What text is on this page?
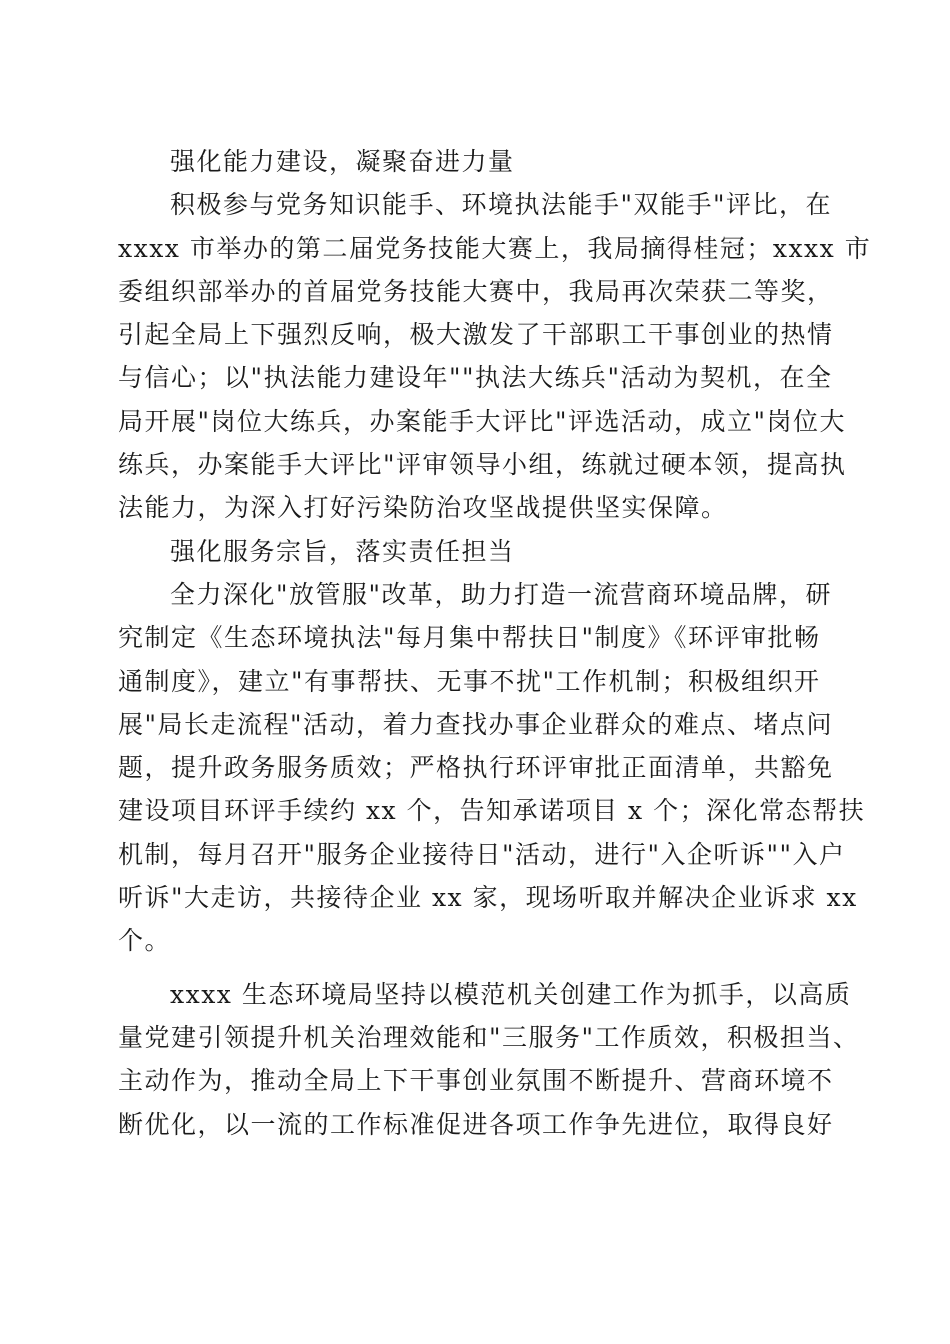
强化能力建设，凝聚奋进力量
积极参与党务知识能手、环境执法能手"双能手"评比，在
xxxx 市举办的第二届党务技能大赛上，我局摘得桂冠；xxxx 市
委组织部举办的首届党务技能大赛中，我局再次荣获二等奖，
引起全局上下强烈反响，极大激发了干部职工干事创业的热情
与信心；以"执法能力建设年""执法大练兵"活动为契机，在全
局开展"岗位大练兵，办案能手大评比"评选活动，成立"岗位大
练兵，办案能手大评比"评审领导小组，练就过硬本领，提高执
法能力，为深入打好污染防治攻坚战提供坚实保障。
强化服务宗旨，落实责任担当
全力深化"放管服"改革，助力打造一流营商环境品牌，研
究制定《生态环境执法"每月集中帮扶日"制度》《环评审批畅
通制度》，建立"有事帮扶、无事不扰"工作机制；积极组织开
展"局长走流程"活动，着力查找办事企业群众的难点、堵点问
题，提升政务服务质效；严格执行环评审批正面清单，共豁免
建设项目环评手续约 xx 个，告知承诺项目 x 个；深化常态帮扶
机制，每月召开"服务企业接待日"活动，进行"入企听诉""入户
听诉"大走访，共接待企业 xx 家，现场听取并解决企业诉求 xx
个。
xxxx 生态环境局坚持以模范机关创建工作为抓手，以高质
量党建引领提升机关治理效能和"三服务"工作质效，积极担当、
主动作为，推动全局上下干事创业氛围不断提升、营商环境不
断优化，以一流的工作标准促进各项工作争先进位，取得良好
